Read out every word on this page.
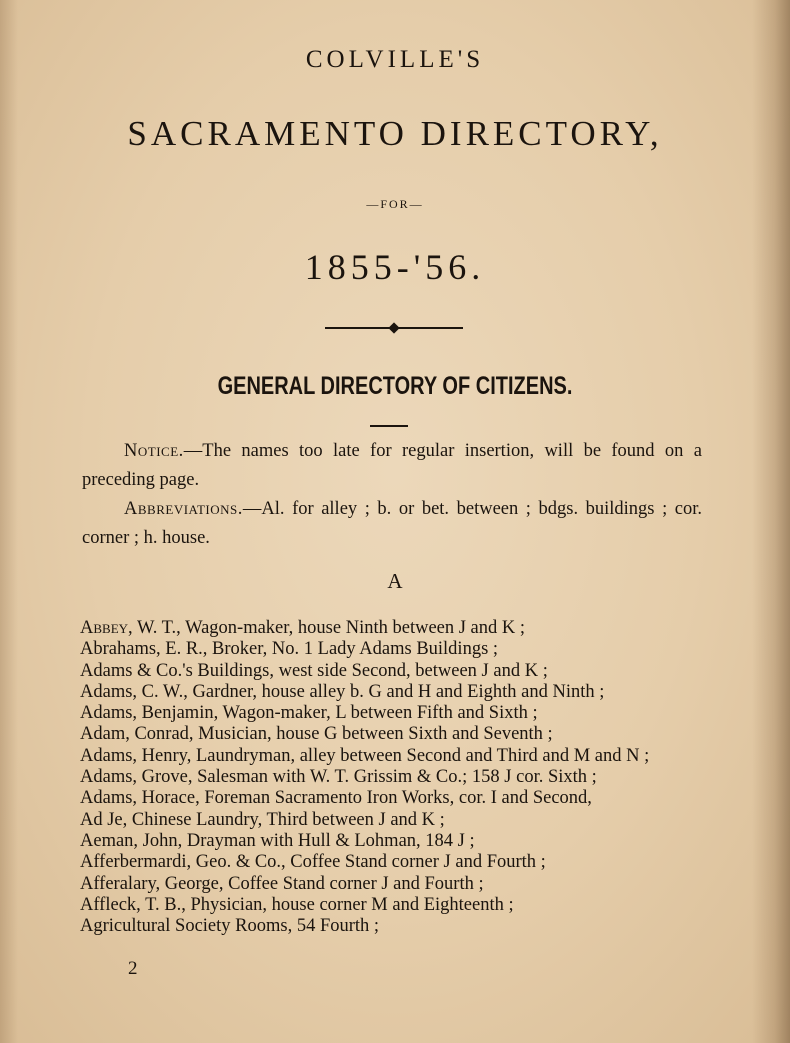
COLVILLE'S
SACRAMENTO DIRECTORY,
—FOR—
1855-'56.
GENERAL DIRECTORY OF CITIZENS.
Notice.—The names too late for regular insertion, will be found on a preceding page.
Abbreviations.—Al. for alley ; b. or bet. between ; bdgs. buildings ; cor. corner ; h. house.
A
Abbey, W. T., Wagon-maker, house Ninth between J and K ;
Abrahams, E. R., Broker, No. 1 Lady Adams Buildings ;
Adams & Co.'s Buildings, west side Second, between J and K ;
Adams, C. W., Gardner, house alley b. G and H and Eighth and Ninth ;
Adams, Benjamin, Wagon-maker, L between Fifth and Sixth ;
Adam, Conrad, Musician, house G between Sixth and Seventh ;
Adams, Henry, Laundryman, alley between Second and Third and M and N ;
Adams, Grove, Salesman with W. T. Grissim & Co.; 158 J cor. Sixth ;
Adams, Horace, Foreman Sacramento Iron Works, cor. I and Second,
Ad Je, Chinese Laundry, Third between J and K ;
Aeman, John, Drayman with Hull & Lohman, 184 J ;
Afferbermardi, Geo. & Co., Coffee Stand corner J and Fourth ;
Afferalary, George, Coffee Stand corner J and Fourth ;
Affleck, T. B., Physician, house corner M and Eighteenth ;
Agricultural Society Rooms, 54 Fourth ;
2
